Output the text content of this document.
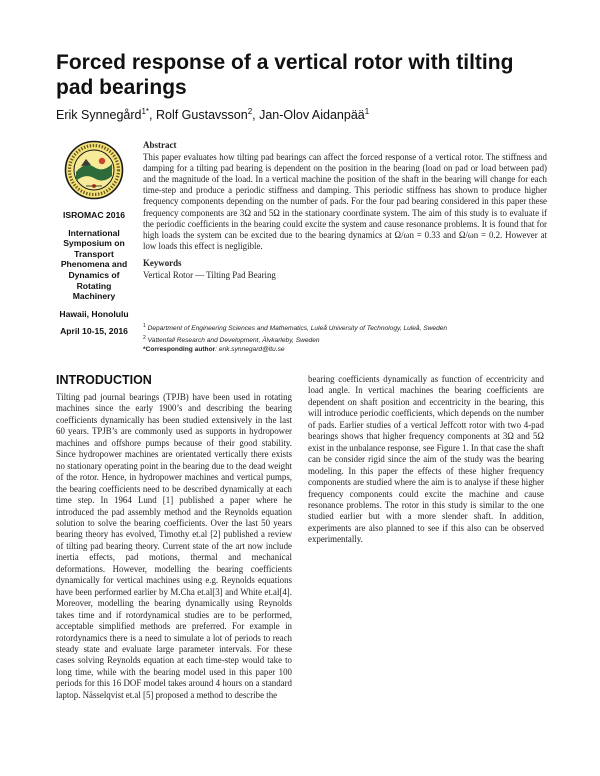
Forced response of a vertical rotor with tilting pad bearings
Erik Synnegård$^{1*}$, Rolf Gustavsson$^2$, Jan-Olov Aidanpää$^1$
ISROMAC 2016
International
Symposium on
Transport
Phenomena and
Dynamics of
Rotating
Machinery
Hawaii, Honolulu
April 10-15, 2016

Abstract

This paper evaluates how tilting pad bearings can affect the forced response of a vertical rotor. The stiffness and damping for a tilting pad bearing is dependent on the position in the bearing (load on pad or load between pad) and the magnitude of the load. In a vertical machine the position of the shaft in the bearing will change for each time-step and produce a periodic stiffness and damping. This periodic stiffness has shown to produce higher frequency components depending on the number of pads. For the four pad bearing considered in this paper these frequency components are 3Ω and 5Ω in the stationary coordinate system. The aim of this study is to evaluate if the periodic coefficients in the bearing could excite the system and cause resonance problems. It is found that for high loads the system can be excited due to the bearing dynamics at Ω/ωn = 0.33 and Ω/ωn = 0.2. However at low loads this effect is negligible.

Keywords

Vertical Rotor — Tilting Pad Bearing

$^1$ Department of Engineering Sciences and Mathematics, Luleå University of Technology, Luleå, Sweden
$^2$ Vattenfall Research and Development, Älvkarleby, Sweden
*Corresponding author: erik.synnegard@ltu.se
INTRODUCTION

Tilting pad journal bearings (TPJB) have been used in rotating machines since the early 1900’s and describing the bearing coefficients dynamically has been studied extensively in the last 60 years. TPJB’s are commonly used as supports in hydropower machines and offshore pumps because of their good stability. Since hydropower machines are orientated vertically there exists no stationary operating point in the bearing due to the dead weight of the rotor. Hence, in hydropower machines and vertical pumps, the bearing coefficients need to be described dynamically at each time step. In 1964 Lund [1] published a paper where he introduced the pad assembly method and the Reynolds equation solution to solve the bearing coefficients. Over the last 50 years bearing theory has evolved, Timothy et.al [2] published a review of tilting pad bearing theory. Current state of the art now include inertia effects, pad motions, thermal and mechanical deformations. However, modelling the bearing coefficients dynamically for vertical machines using e.g. Reynolds equations have been performed earlier by M.Cha et.al[3] and White et.al[4]. Moreover, modelling the bearing dynamically using Reynolds takes time and if rotordynamical studies are to be performed, acceptable simplified methods are preferred. For example in rotordynamics there is a need to simulate a lot of periods to reach steady state and evaluate large parameter intervals. For these cases solving Reynolds equation at each time-step would take to long time, while with the bearing model used in this paper 100 periods for this 16 DOF model takes around 4 hours on a standard laptop. Nässelqvist et.al [5] proposed a method to describe the

bearing coefficients dynamically as function of eccentricity and load angle. In vertical machines the bearing coefficients are dependent on shaft position and eccentricity in the bearing, this will introduce periodic coefficients, which depends on the number of pads. Earlier studies of a vertical Jeffcott rotor with two 4-pad bearings shows that higher frequency components at 3Ω and 5Ω exist in the unbalance response, see Figure 1. In that case the shaft can be consider rigid since the aim of the study was the bearing modeling. In this paper the effects of these higher frequency components are studied where the aim is to analyse if these higher frequency components could excite the machine and cause resonance problems. The rotor in this study is similar to the one studied earlier but with a more slender shaft. In addition, experiments are also planned to see if this also can be observed experimentally.
